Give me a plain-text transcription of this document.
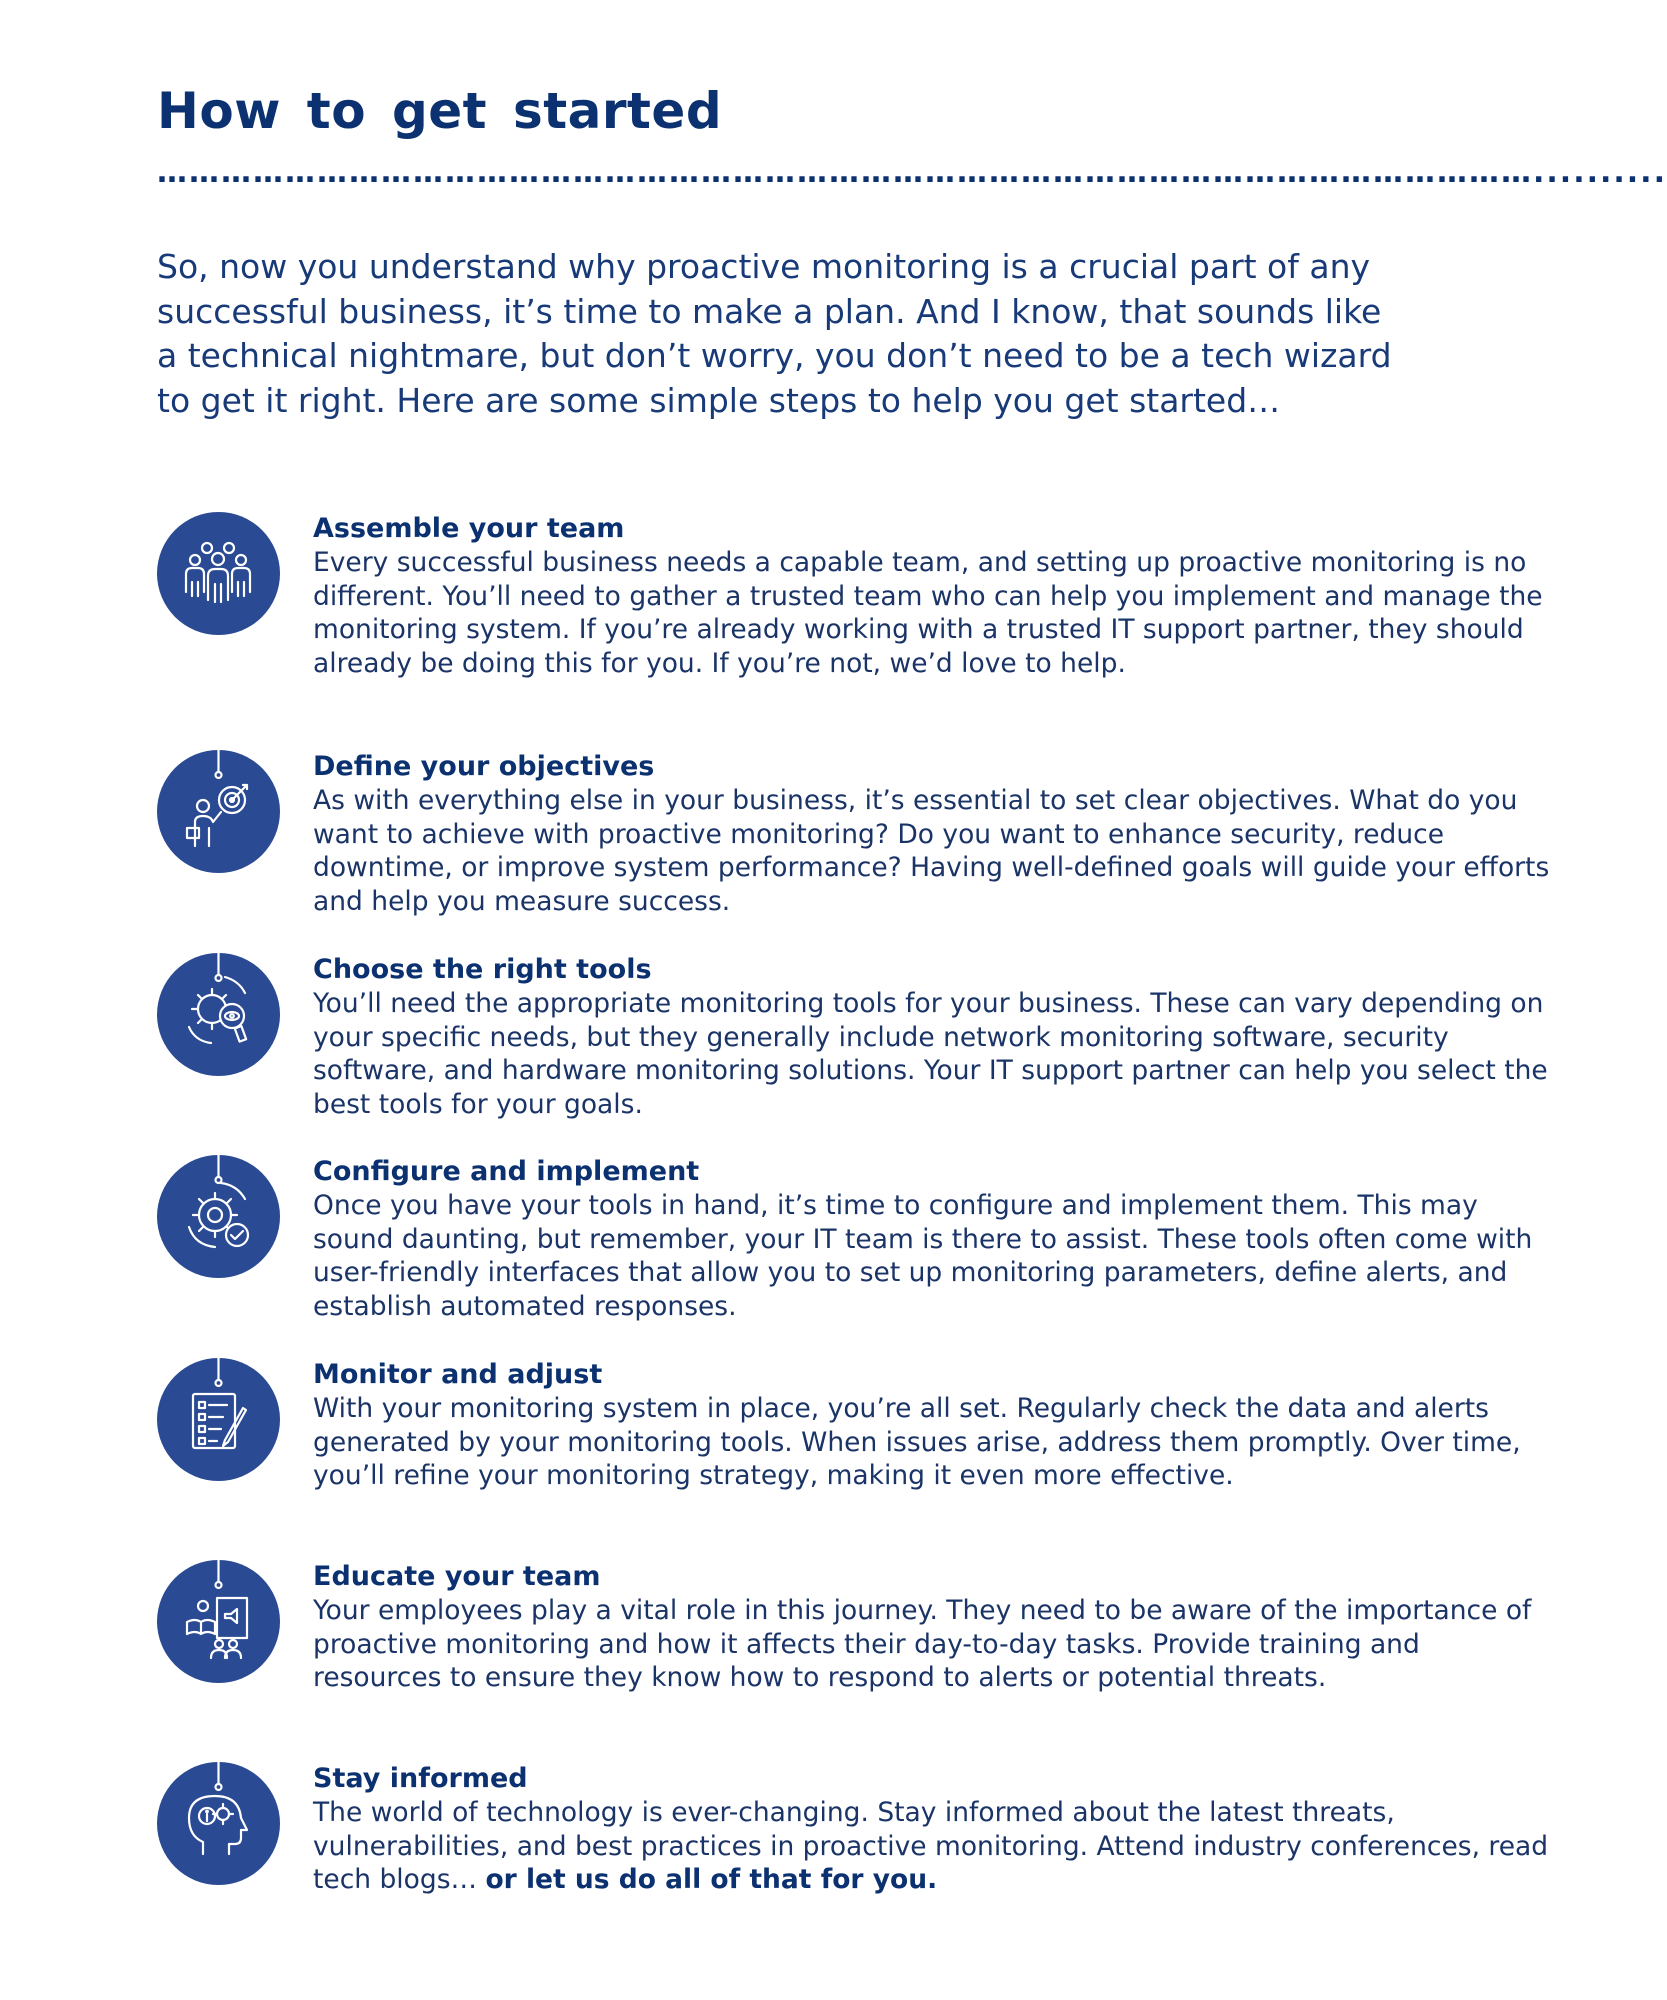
How to get started
…………………………………………………………………………………………………………………..........

So, now you understand why proactive monitoring is a crucial part of any successful business, it’s time to make a plan. And I know, that sounds like a technical nightmare, but don’t worry, you don’t need to be a tech wizard to get it right. Here are some simple steps to help you get started…

Assemble your team

Every successful business needs a capable team, and setting up proactive monitoring is no different. You’ll need to gather a trusted team who can help you implement and manage the monitoring system. If you’re already working with a trusted IT support partner, they should already be doing this for you. If you’re not, we’d love to help.

Define your objectives

As with everything else in your business, it’s essential to set clear objectives. What do you want to achieve with proactive monitoring? Do you want to enhance security, reduce downtime, or improve system performance? Having well-defined goals will guide your efforts and help you measure success.

Choose the right tools

You’ll need the appropriate monitoring tools for your business. These can vary depending on your specific needs, but they generally include network monitoring software, security software, and hardware monitoring solutions. Your IT support partner can help you select the best tools for your goals.

Configure and implement

Once you have your tools in hand, it’s time to configure and implement them. This may sound daunting, but remember, your IT team is there to assist. These tools often come with user-friendly interfaces that allow you to set up monitoring parameters, define alerts, and establish automated responses.

Monitor and adjust

With your monitoring system in place, you’re all set. Regularly check the data and alerts generated by your monitoring tools. When issues arise, address them promptly. Over time, you’ll refine your monitoring strategy, making it even more effective.

Educate your team

Your employees play a vital role in this journey. They need to be aware of the importance of proactive monitoring and how it affects their day-to-day tasks. Provide training and resources to ensure they know how to respond to alerts or potential threats.

Stay informed

The world of technology is ever-changing. Stay informed about the latest threats, vulnerabilities, and best practices in proactive monitoring. Attend industry conferences, read tech blogs… or let us do all of that for you.
